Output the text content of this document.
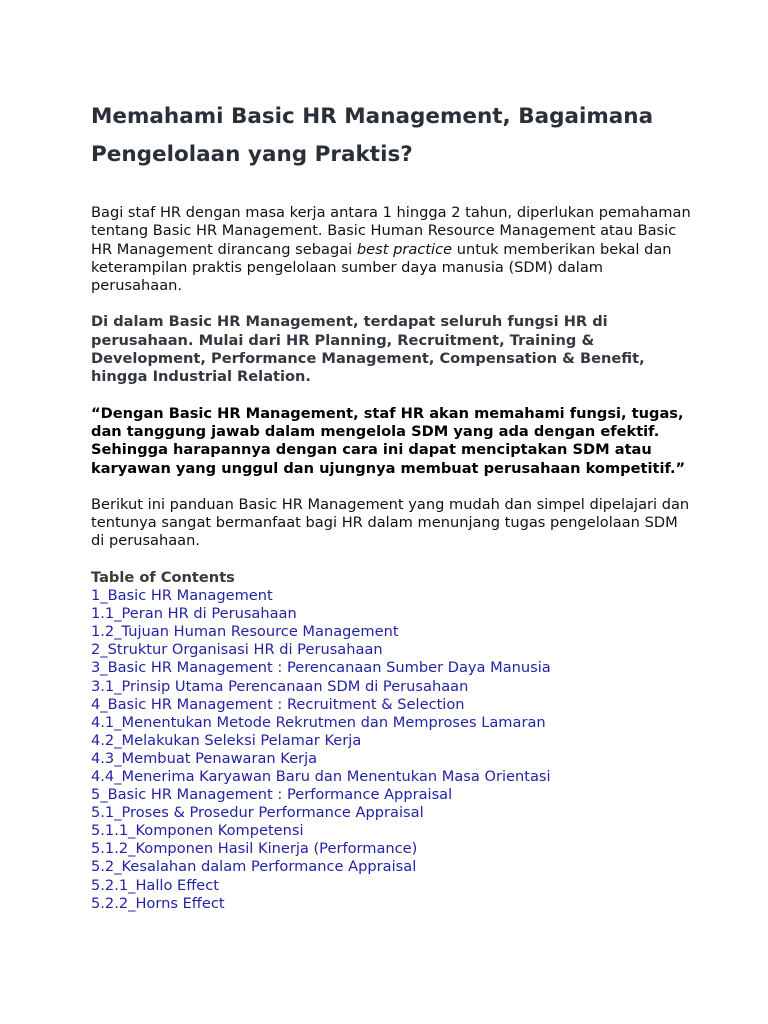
Memahami Basic HR Management, Bagaimana Pengelolaan yang Praktis?

Bagi staf HR dengan masa kerja antara 1 hingga 2 tahun, diperlukan pemahaman tentang Basic HR Management. Basic Human Resource Management atau Basic HR Management dirancang sebagai best practice untuk memberikan bekal dan keterampilan praktis pengelolaan sumber daya manusia (SDM) dalam perusahaan.

Di dalam Basic HR Management, terdapat seluruh fungsi HR di perusahaan. Mulai dari HR Planning, Recruitment, Training & Development, Performance Management, Compensation & Benefit, hingga Industrial Relation.

“Dengan Basic HR Management, staf HR akan memahami fungsi, tugas, dan tanggung jawab dalam mengelola SDM yang ada dengan efektif. Sehingga harapannya dengan cara ini dapat menciptakan SDM atau karyawan yang unggul dan ujungnya membuat perusahaan kompetitif.”

Berikut ini panduan Basic HR Management yang mudah dan simpel dipelajari dan tentunya sangat bermanfaat bagi HR dalam menunjang tugas pengelolaan SDM di perusahaan.

Table of Contents
1_Basic HR Management
1.1_Peran HR di Perusahaan
1.2_Tujuan Human Resource Management
2_Struktur Organisasi HR di Perusahaan
3_Basic HR Management : Perencanaan Sumber Daya Manusia
3.1_Prinsip Utama Perencanaan SDM di Perusahaan
4_Basic HR Management : Recruitment & Selection
4.1_Menentukan Metode Rekrutmen dan Memproses Lamaran
4.2_Melakukan Seleksi Pelamar Kerja
4.3_Membuat Penawaran Kerja
4.4_Menerima Karyawan Baru dan Menentukan Masa Orientasi
5_Basic HR Management : Performance Appraisal
5.1_Proses & Prosedur Performance Appraisal
5.1.1_Komponen Kompetensi
5.1.2_Komponen Hasil Kinerja (Performance)
5.2_Kesalahan dalam Performance Appraisal
5.2.1_Hallo Effect
5.2.2_Horns Effect
